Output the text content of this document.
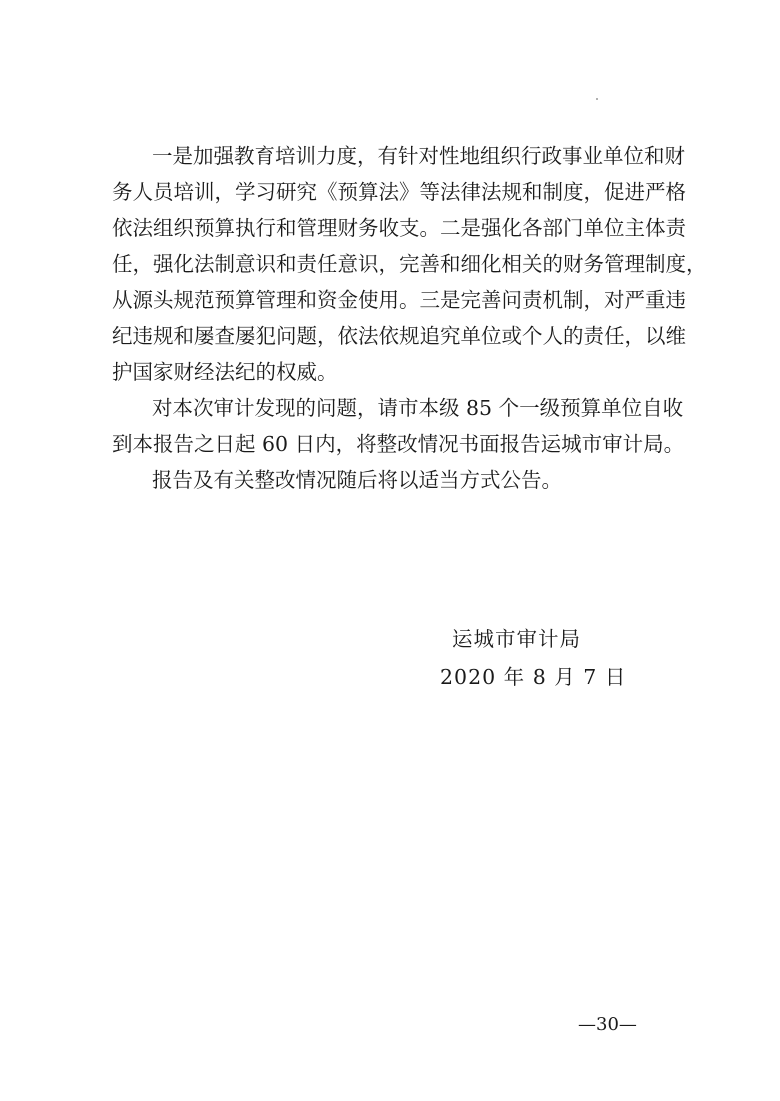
一是加强教育培训力度，有针对性地组织行政事业单位和财
务人员培训，学习研究《预算法》等法律法规和制度，促进严格
依法组织预算执行和管理财务收支。二是强化各部门单位主体责
任，强化法制意识和责任意识，完善和细化相关的财务管理制度，
从源头规范预算管理和资金使用。三是完善问责机制，对严重违
纪违规和屡查屡犯问题，依法依规追究单位或个人的责任，以维
护国家财经法纪的权威。
对本次审计发现的问题，请市本级 85 个一级预算单位自收
到本报告之日起 60 日内，将整改情况书面报告运城市审计局。
报告及有关整改情况随后将以适当方式公告。
运城市审计局
2020 年 8 月 7 日
—30—
